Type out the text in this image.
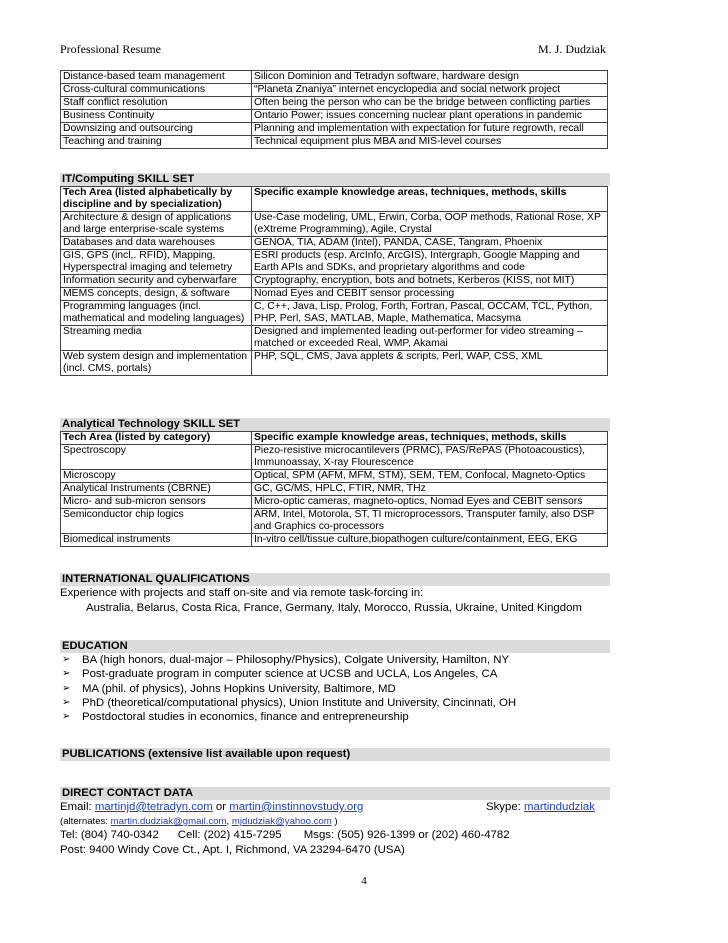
Professional Resume	M. J. Dudziak
Distance-based team management	Silicon Dominion and Tetradyn software, hardware design
Cross-cultural communications	“Planeta Znaniya” internet encyclopedia and social network project
Staff conflict resolution	Often being the person who can be the bridge between conflicting parties
Business Continuity	Ontario Power; issues concerning nuclear plant operations in pandemic
Downsizing and outsourcing	Planning and implementation with expectation for future regrowth, recall
Teaching and training	Technical equipment plus MBA and MIS-level courses
IT/Computing SKILL SET
Tech Area (listed alphabetically by discipline and by specialization)	Specific example knowledge areas, techniques, methods, skills
Architecture & design of applications and large enterprise-scale systems	Use-Case modeling, UML, Erwin, Corba, OOP methods, Rational Rose, XP (eXtreme Programming), Agile, Crystal
Databases and data warehouses	GENOA, TIA, ADAM (Intel), PANDA, CASE, Tangram, Phoenix
GIS, GPS (incl,. RFID), Mapping, Hyperspectral imaging and telemetry	ESRI products (esp. ArcInfo, ArcGIS), Intergraph, Google Mapping and Earth APIs and SDKs, and proprietary algorithms and code
Information security and cyberwarfare	Cryptography, encryption, bots and botnets, Kerberos (KISS, not MIT)
MEMS concepts, design, & software	Nomad Eyes and CEBIT sensor processing
Programming languages (incl. mathematical and modeling languages)	C, C++, Java, Lisp, Prolog, Forth, Fortran, Pascal, OCCAM, TCL, Python, PHP, Perl, SAS, MATLAB, Maple, Mathematica, Macsyma
Streaming media	Designed and implemented leading out-performer for video streaming – matched or exceeded Real, WMP, Akamai
Web system design and implementation (incl. CMS, portals)	PHP, SQL, CMS, Java applets & scripts, Perl, WAP, CSS, XML
Analytical Technology SKILL SET
Tech Area (listed by category)	Specific example knowledge areas, techniques, methods, skills
Spectroscopy	Piezo-resistive microcantilevers (PRMC), PAS/RePAS (Photoacoustics), Immunoassay, X-ray Flourescence
Microscopy	Optical, SPM (AFM, MFM, STM), SEM, TEM, Confocal, Magneto-Optics
Analytical Instruments (CBRNE)	GC, GC/MS, HPLC, FTIR, NMR, THz
Micro- and sub-micron sensors	Micro-optic cameras, magneto-optics, Nomad Eyes and CEBIT sensors
Semiconductor chip logics	ARM, Intel, Motorola, ST, TI microprocessors, Transputer family, also DSP and Graphics co-processors
Biomedical instruments	In-vitro cell/tissue culture,biopathogen culture/containment, EEG, EKG
INTERNATIONAL QUALIFICATIONS
Experience with projects and staff on-site and via remote task-forcing in:
Australia, Belarus, Costa Rica, France, Germany, Italy, Morocco, Russia, Ukraine, United Kingdom
EDUCATION
➢ BA (high honors, dual-major – Philosophy/Physics), Colgate University, Hamilton, NY
➢ Post-graduate program in computer science at UCSB and UCLA, Los Angeles, CA
➢ MA (phil. of physics), Johns Hopkins University, Baltimore, MD
➢ PhD (theoretical/computational physics), Union Institute and University, Cincinnati, OH
➢ Postdoctoral studies in economics, finance and entrepreneurship
PUBLICATIONS (extensive list available upon request)
DIRECT CONTACT DATA
Email: martinjd@tetradyn.com or martin@instinnovstudy.org	Skype: martindudziak
(alternates: martin.dudziak@gmail.com, mjdudziak@yahoo.com )
Tel: (804) 740-0342      Cell: (202) 415-7295       Msgs: (505) 926-1399 or (202) 460-4782
Post: 9400 Windy Cove Ct., Apt. I, Richmond, VA 23294-6470 (USA)
4
